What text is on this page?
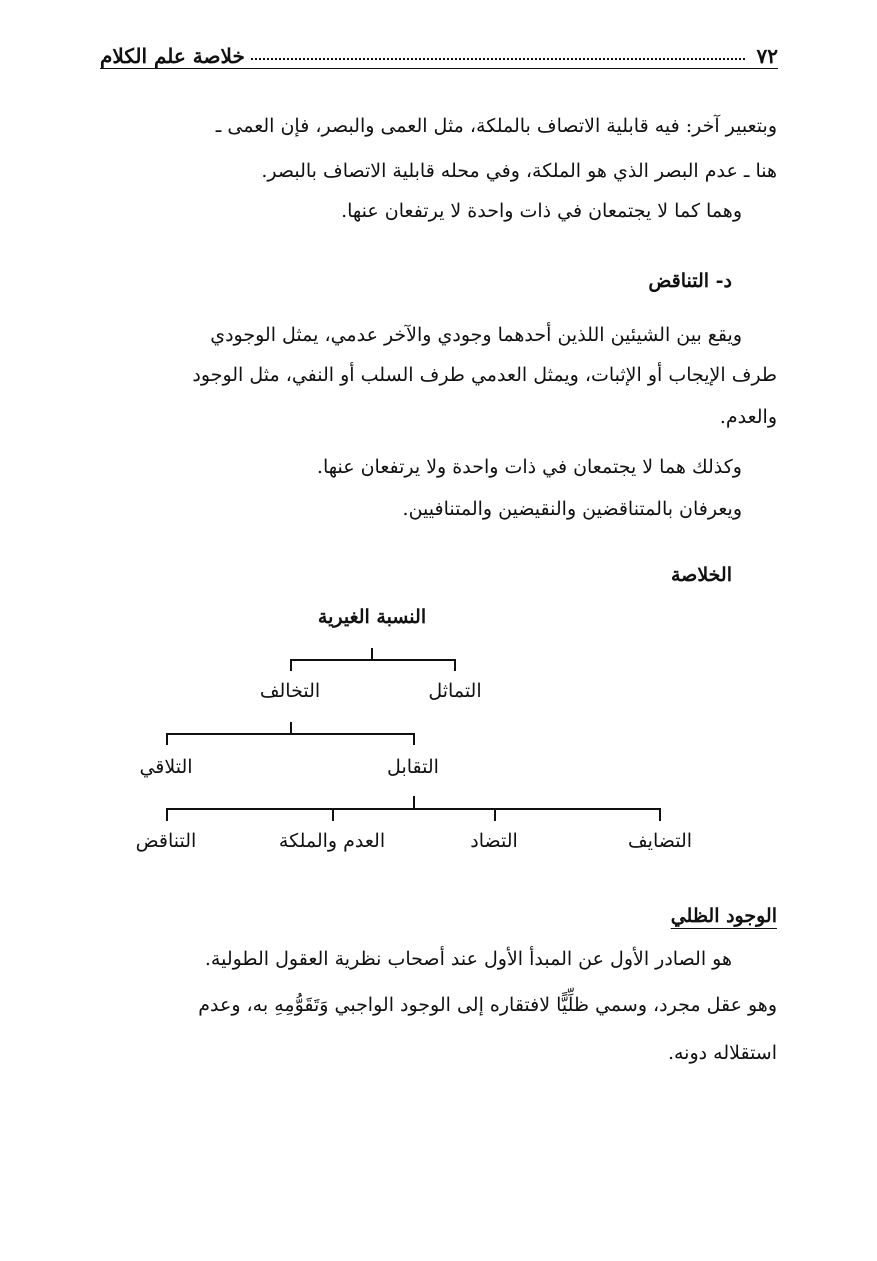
٧٢
خلاصة علم الكلام
وبتعبير آخر: فيه قابلية الاتصاف بالملكة، مثل العمى والبصر، فإن العمى ـ
هنا ـ عدم البصر الذي هو الملكة، وفي محله قابلية الاتصاف بالبصر.
وهما كما لا يجتمعان في ذات واحدة لا يرتفعان عنها.
د- التناقض
ويقع بين الشيئين اللذين أحدهما وجودي والآخر عدمي، يمثل الوجودي
طرف الإيجاب أو الإثبات، ويمثل العدمي طرف السلب أو النفي، مثل الوجود
والعدم.
وكذلك هما لا يجتمعان في ذات واحدة ولا يرتفعان عنها.
ويعرفان بالمتناقضين والنقيضين والمتنافيين.
الخلاصة
النسبة الغيرية
التماثل
التخالف
التقابل
التلاقي
التضايف
التضاد
العدم والملكة
التناقض
الوجود الظلي
هو الصادر الأول عن المبدأ الأول عند أصحاب نظرية العقول الطولية.
وهو عقل مجرد، وسمي ظلِّيًّا لافتقاره إلى الوجود الواجبي وَتَقَوُّمِهِ به، وعدم
استقلاله دونه.
